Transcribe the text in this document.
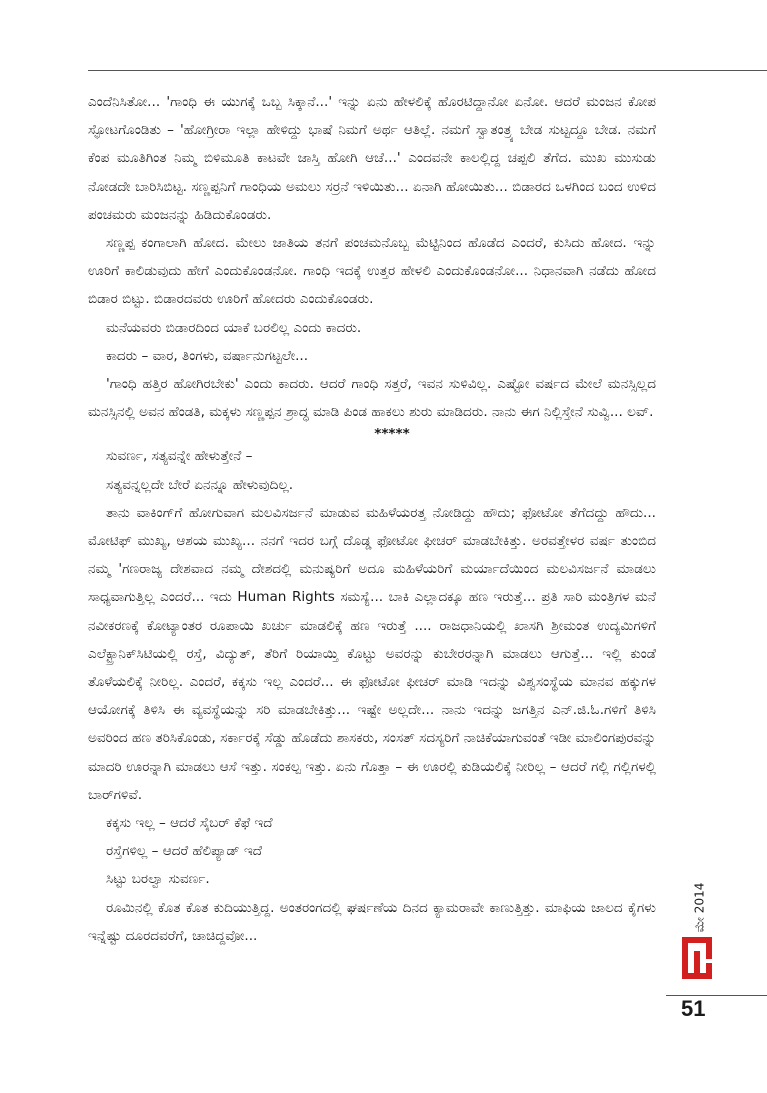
ಎಂದೆನಿಸಿತೋ... 'ಗಾಂಧಿ ಈ ಯುಗಕ್ಕೆ ಒಬ್ಬ ಸಿಕ್ಕಾನೆ...' ಇನ್ನು ಏನು ಹೇಳಲಿಕ್ಕೆ ಹೊರಟಿದ್ದಾನೋ ಏನೋ. ಆದರೆ ಮಂಜನ ಕೋಪ ಸ್ಫೋಟಗೊಂಡಿತು – 'ಹೋಗ್ರೀರಾ ಇಲ್ಲಾ ಹೇಳಿದ್ದು ಭಾಷೆ ನಿಮಗೆ ಅರ್ಥ ಆತಿಲ್ಲೆ. ನಮಗೆ ಸ್ವಾತಂತ್ರ್ಯ ಬೇಡ ಸುಟ್ಟದ್ದೂ ಬೇಡ. ನಮಗೆ ಕೆಂಪ ಮೂತಿಗಿಂತ ನಿಮ್ಮ ಬಿಳಿಮೂತಿ ಕಾಟವೇ ಜಾಸ್ತಿ ಹೋಗಿ ಆಚೆ...' ಎಂದವನೇ ಕಾಲಲ್ಲಿದ್ದ ಚಪ್ಪಲಿ ತೆಗೆದ. ಮುಖ ಮುಸುಡು ನೋಡದೇ ಬಾರಿಸಿಬಿಟ್ಟ. ಸಣ್ಣಪ್ಪನಿಗೆ ಗಾಂಧಿಯ ಅಮಲು ಸರ್ರನೆ ಇಳಿಯಿತು... ಏನಾಗಿ ಹೋಯಿತು... ಬಿಡಾರದ ಒಳಗಿಂದ ಬಂದ ಉಳಿದ ಪಂಚಮರು ಮಂಜನನ್ನು ಹಿಡಿದುಕೊಂಡರು.

ಸಣ್ಣಪ್ಪ ಕಂಗಾಲಾಗಿ ಹೋದ. ಮೇಲು ಜಾತಿಯ ತನಗೆ ಪಂಚಮನೊಬ್ಬ ಮೆಟ್ಟಿನಿಂದ ಹೊಡೆದ ಎಂದರೆ, ಕುಸಿದು ಹೋದ. ಇನ್ನು ಊರಿಗೆ ಕಾಲಿಡುವುದು ಹೇಗೆ ಎಂದುಕೊಂಡನೋ. ಗಾಂಧಿ ಇದಕ್ಕೆ ಉತ್ತರ ಹೇಳಲಿ ಎಂದುಕೊಂಡನೋ... ನಿಧಾನವಾಗಿ ನಡೆದು ಹೋದ ಬಿಡಾರ ಬಿಟ್ಟು. ಬಿಡಾರದವರು ಊರಿಗೆ ಹೋದರು ಎಂದುಕೊಂಡರು.

ಮನೆಯವರು ಬಿಡಾರದಿಂದ ಯಾಕೆ ಬರಲಿಲ್ಲ ಎಂದು ಕಾದರು.

ಕಾದರು – ವಾರ, ತಿಂಗಳು, ವರ್ಷಾನುಗಟ್ಟಲೇ...

'ಗಾಂಧಿ ಹತ್ತಿರ ಹೋಗಿರಬೇಕು' ಎಂದು ಕಾದರು. ಆದರೆ ಗಾಂಧಿ ಸತ್ತರೆ, ಇವನ ಸುಳಿವಿಲ್ಲ. ಎಷ್ಟೋ ವರ್ಷದ ಮೇಲೆ ಮನಸ್ಸಿಲ್ಲದ ಮನಸ್ಸಿನಲ್ಲಿ ಅವನ ಹೆಂಡತಿ, ಮಕ್ಕಳು ಸಣ್ಣಪ್ಪನ ಶ್ರಾದ್ಧ ಮಾಡಿ ಪಿಂಡ ಹಾಕಲು ಶುರು ಮಾಡಿದರು. ನಾನು ಈಗ ನಿಲ್ಲಿಸ್ತೇನೆ ಸುವ್ವಿ... ಲವ್.

*****

ಸುವರ್ಣ, ಸತ್ಯವನ್ನೇ ಹೇಳುತ್ತೇನೆ –

ಸತ್ಯವನ್ನಲ್ಲದೇ ಬೇರೆ ಏನನ್ನೂ ಹೇಳುವುದಿಲ್ಲ.

ತಾನು ವಾಕಿಂಗ್‌ಗೆ ಹೋಗುವಾಗ ಮಲವಿಸರ್ಜನೆ ಮಾಡುವ ಮಹಿಳೆಯರತ್ತ ನೋಡಿದ್ದು ಹೌದು; ಫೋಟೋ ತೆಗೆದದ್ದು ಹೌದು... ಮೋಟಿಫ್ ಮುಖ್ಯ, ಆಶಯ ಮುಖ್ಯ... ನನಗೆ ಇದರ ಬಗ್ಗೆ ದೊಡ್ಡ ಫೋಟೋ ಫೀಚರ್ ಮಾಡಬೇಕಿತ್ತು. ಅರವತ್ತೇಳರ ವರ್ಷ ತುಂಬಿದ ನಮ್ಮ 'ಗಣರಾಜ್ಯ ದೇಶವಾದ ನಮ್ಮ ದೇಶದಲ್ಲಿ ಮನುಷ್ಯರಿಗೆ ಅದೂ ಮಹಿಳೆಯರಿಗೆ ಮರ್ಯಾದೆಯಿಂದ ಮಲವಿಸರ್ಜನೆ ಮಾಡಲು ಸಾಧ್ಯವಾಗುತ್ತಿಲ್ಲ ಎಂದರೆ... ಇದು Human Rights ಸಮಸ್ಯೆ... ಬಾಕಿ ಎಲ್ಲಾದಕ್ಕೂ ಹಣ ಇರುತ್ತೆ... ಪ್ರತಿ ಸಾರಿ ಮಂತ್ರಿಗಳ ಮನೆ ನವೀಕರಣಕ್ಕೆ ಕೋಟ್ಯಾಂತರ ರೂಪಾಯಿ ಖರ್ಚು ಮಾಡಲಿಕ್ಕೆ ಹಣ ಇರುತ್ತೆ .... ರಾಜಧಾನಿಯಲ್ಲಿ ಖಾಸಗಿ ಶ್ರೀಮಂತ ಉದ್ಯಮಿಗಳಿಗೆ ಎಲೆಕ್ಟ್ರಾನಿಕ್‌ಸಿಟಿಯಲ್ಲಿ ರಸ್ತೆ, ವಿದ್ಯುತ್, ತೆರಿಗೆ ರಿಯಾಯ್ತಿ ಕೊಟ್ಟು ಅವರನ್ನು ಕುಬೇರರನ್ನಾಗಿ ಮಾಡಲು ಆಗುತ್ತೆ... ಇಲ್ಲಿ ಕುಂಡೆ ತೊಳೆಯಲಿಕ್ಕೆ ನೀರಿಲ್ಲ. ಎಂದರೆ, ಕಕ್ಕಸು ಇಲ್ಲ ಎಂದರೆ... ಈ ಫೋಟೋ ಫೀಚರ್ ಮಾಡಿ ಇದನ್ನು ವಿಶ್ವಸಂಸ್ಥೆಯ ಮಾನವ ಹಕ್ಕುಗಳ ಆಯೋಗಕ್ಕೆ ತಿಳಿಸಿ ಈ ವ್ಯವಸ್ಥೆಯನ್ನು ಸರಿ ಮಾಡಬೇಕಿತ್ತು... ಇಷ್ಟೇ ಅಲ್ಲದೇ... ನಾನು ಇದನ್ನು ಜಗತ್ತಿನ ಎನ್.ಜಿ.ಓ.ಗಳಿಗೆ ತಿಳಿಸಿ ಅವರಿಂದ ಹಣ ತರಿಸಿಕೊಂಡು, ಸರ್ಕಾರಕ್ಕೆ ಸೆಡ್ಡು ಹೊಡೆದು ಶಾಸಕರು, ಸಂಸತ್ ಸದಸ್ಯರಿಗೆ ನಾಚಿಕೆಯಾಗುವಂತೆ ಇಡೀ ಮಾಲಿಂಗಪುರವನ್ನು ಮಾದರಿ ಊರನ್ನಾಗಿ ಮಾಡಲು ಆಸೆ ಇತ್ತು. ಸಂಕಲ್ಪ ಇತ್ತು. ಏನು ಗೊತ್ತಾ – ಈ ಊರಲ್ಲಿ ಕುಡಿಯಲಿಕ್ಕೆ ನೀರಿಲ್ಲ – ಆದರೆ ಗಲ್ಲಿ ಗಲ್ಲಿಗಳಲ್ಲಿ ಬಾರ್‌ಗಳಿವೆ.

ಕಕ್ಕಸು ಇಲ್ಲ – ಆದರೆ ಸೈಬರ್ ಕೆಫೆ ಇದೆ

ರಸ್ತೆಗಳಿಲ್ಲ – ಆದರೆ ಹೆಲಿಪ್ಯಾಡ್ ಇದೆ

ಸಿಟ್ಟು ಬರಲ್ವಾ ಸುವರ್ಣ.

ರೂಮಿನಲ್ಲಿ ಕೊತ ಕೊತ ಕುದಿಯುತ್ತಿದ್ದ. ಅಂತರಂಗದಲ್ಲಿ ಘರ್ಷಣೆಯ ದಿನದ ಕ್ಯಾಮರಾವೇ ಕಾಣುತ್ತಿತ್ತು. ಮಾಫಿಯ ಜಾಲದ ಕೈಗಳು ಇನ್ನೆಷ್ಟು ದೂರದವರೆಗೆ, ಚಾಚಿದ್ದವೋ...

ಮೇ 2014
51
